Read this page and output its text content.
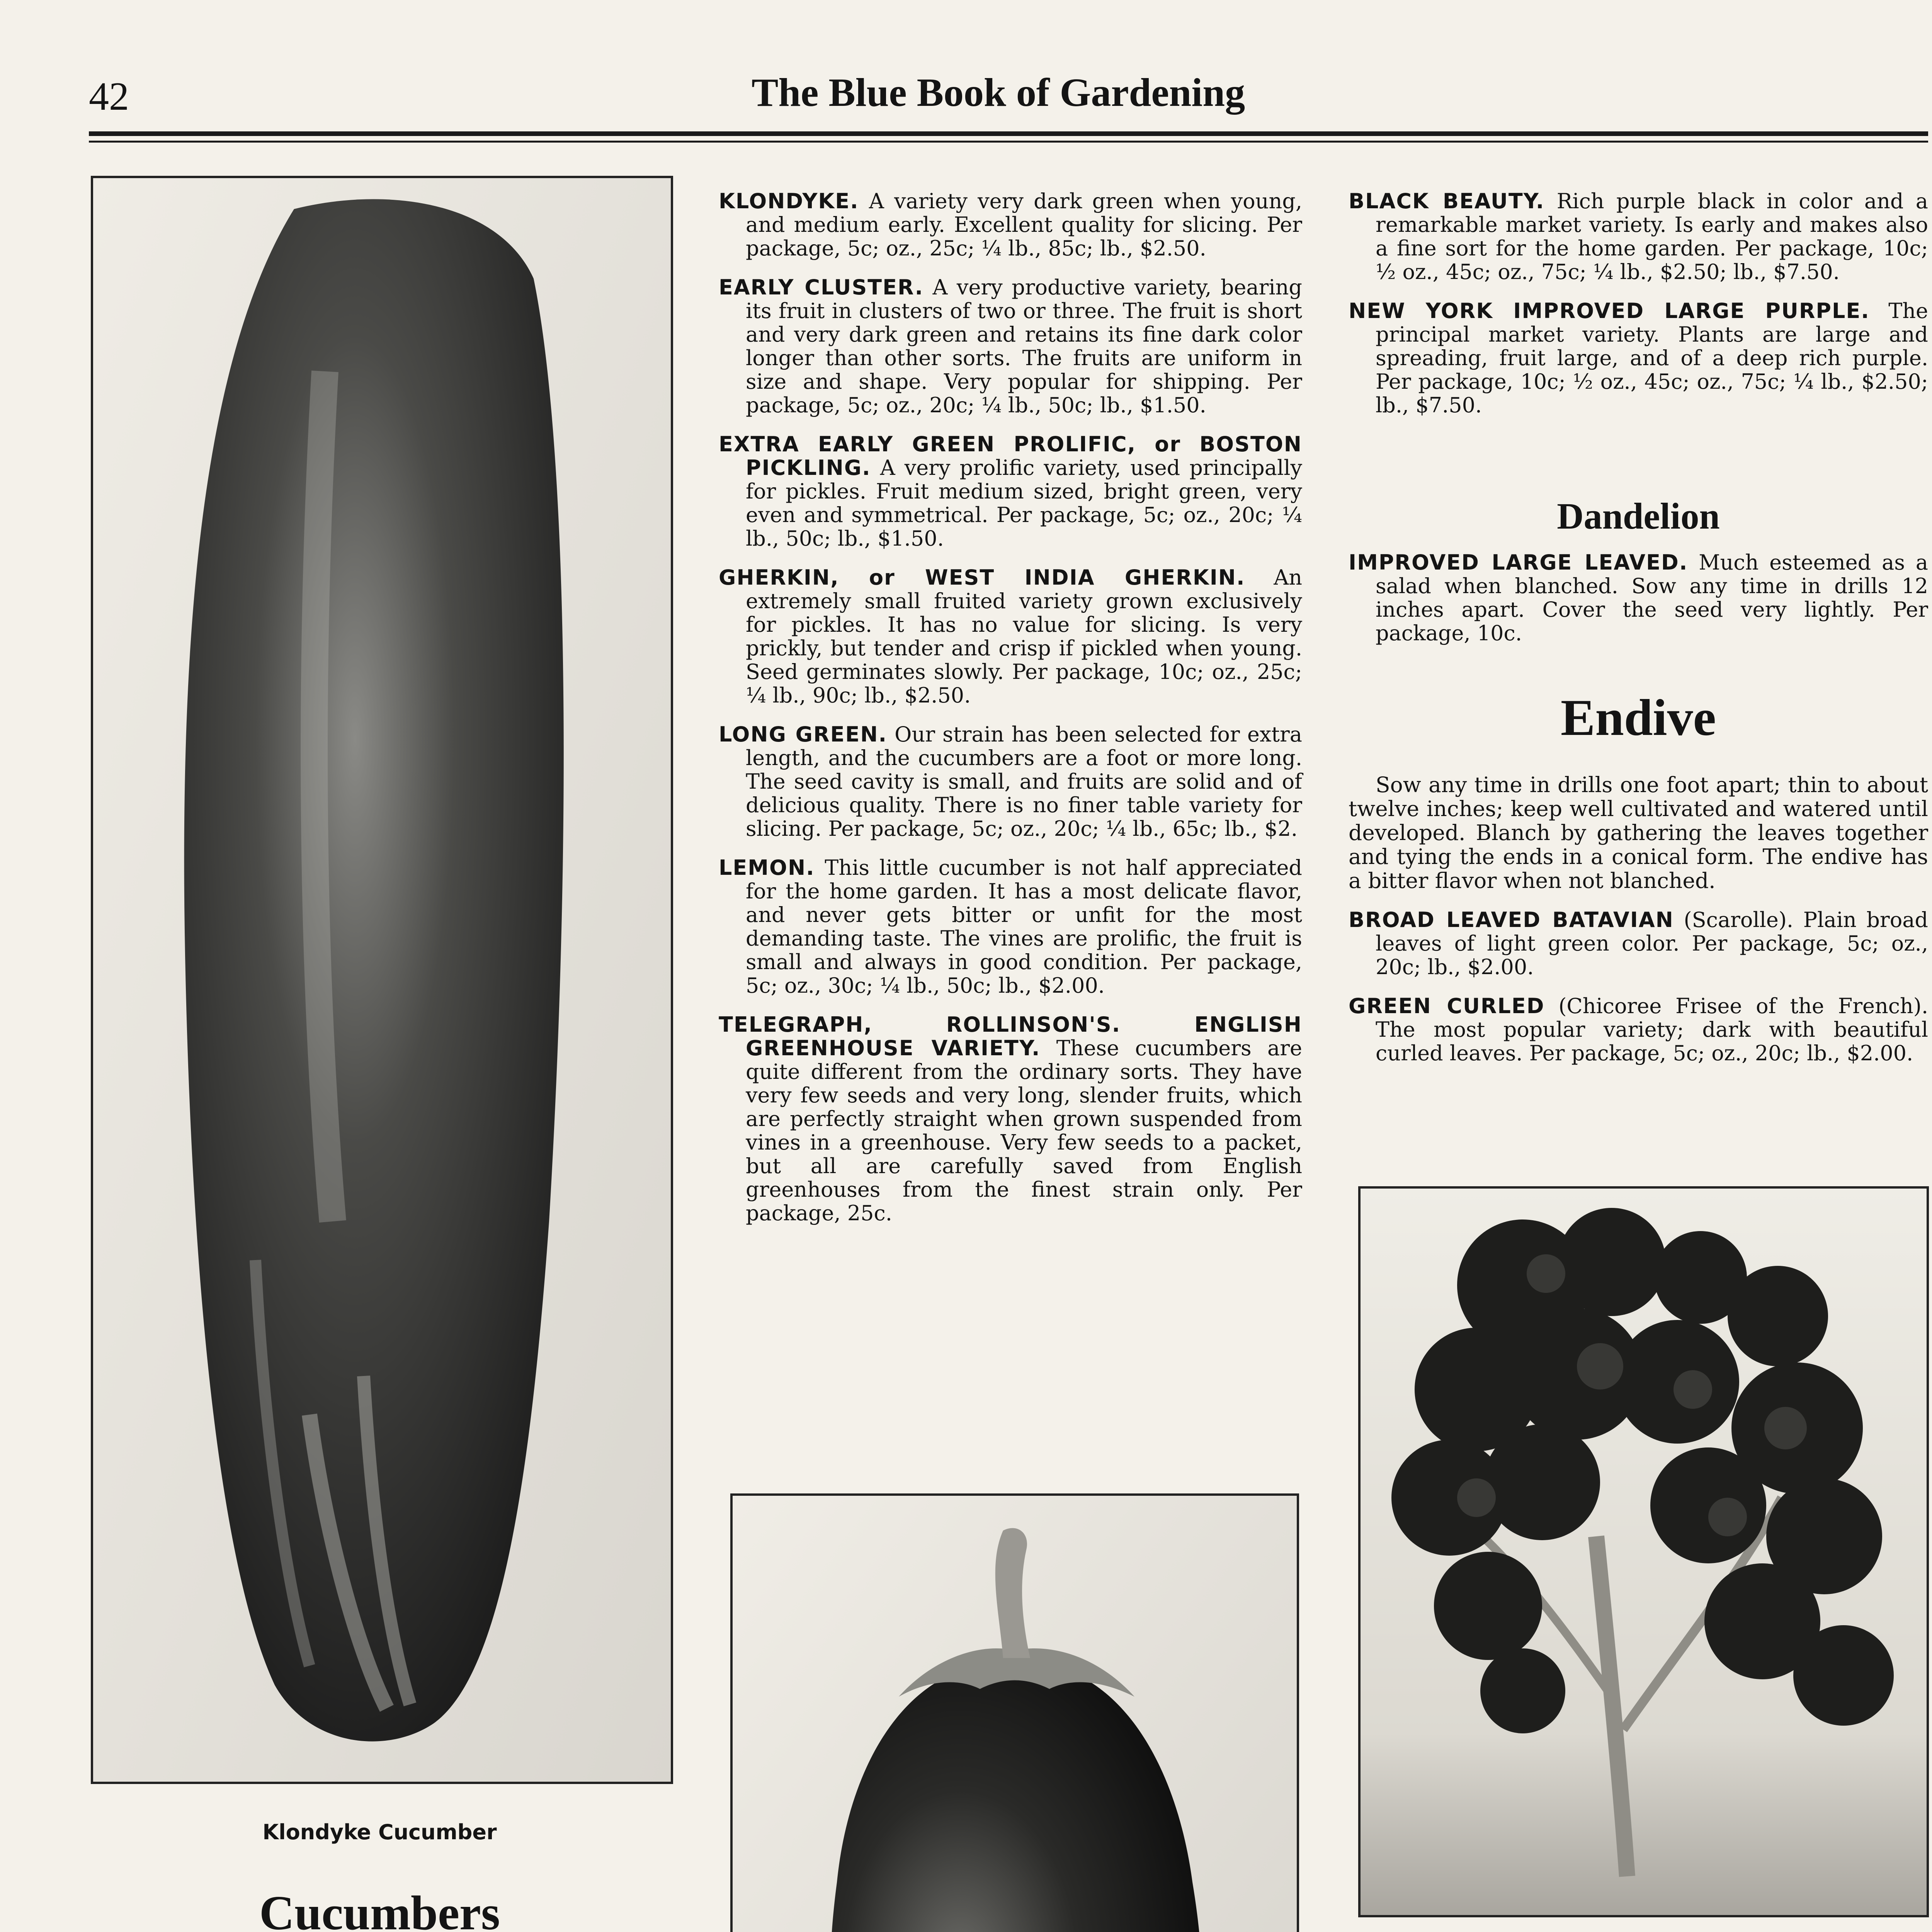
42	The Blue Book of Gardening
Klondyke Cucumber
Cucumbers

KLONDYKE. A variety very dark green when young, and medium early. Excellent quality for slicing. Per package, 5c; oz., 25c; ¼ lb., 85c; lb., $2.50.

EARLY CLUSTER. A very productive variety, bearing its fruit in clusters of two or three. The fruit is short and very dark green and retains its fine dark color longer than other sorts. The fruits are uniform in size and shape. Very popular for shipping. Per package, 5c; oz., 20c; ¼ lb., 50c; lb., $1.50.

EXTRA EARLY GREEN PROLIFIC, or BOSTON PICKLING. A very prolific variety, used principally for pickles. Fruit medium sized, bright green, very even and symmetrical. Per package, 5c; oz., 20c; ¼ lb., 50c; lb., $1.50.

GHERKIN, or WEST INDIA GHERKIN. An extremely small fruited variety grown exclusively for pickles. It has no value for slicing. Is very prickly, but tender and crisp if pickled when young. Seed germinates slowly. Per package, 10c; oz., 25c; ¼ lb., 90c; lb., $2.50.

LONG GREEN. Our strain has been selected for extra length, and the cucumbers are a foot or more long. The seed cavity is small, and fruits are solid and of delicious quality. There is no finer table variety for slicing. Per package, 5c; oz., 20c; ¼ lb., 65c; lb., $2.

LEMON. This little cucumber is not half appreciated for the home garden. It has a most delicate flavor, and never gets bitter or unfit for the most demanding taste. The vines are prolific, the fruit is small and always in good condition. Per package, 5c; oz., 30c; ¼ lb., 50c; lb., $2.00.

TELEGRAPH, ROLLINSON'S. ENGLISH GREENHOUSE VARIETY. These cucumbers are quite different from the ordinary sorts. They have very few seeds and very long, slender fruits, which are perfectly straight when grown suspended from vines in a greenhouse. Very few seeds to a packet, but all are carefully saved from English greenhouses from the finest strain only. Per package, 25c.

BLACK BEAUTY. Rich purple black in color and a remarkable market variety. Is early and makes also a fine sort for the home garden. Per package, 10c; ½ oz., 45c; oz., 75c; ¼ lb., $2.50; lb., $7.50.

NEW YORK IMPROVED LARGE PURPLE. The principal market variety. Plants are large and spreading, fruit large, and of a deep rich purple. Per package, 10c; ½ oz., 45c; oz., 75c; ¼ lb., $2.50; lb., $7.50.

Dandelion

IMPROVED LARGE LEAVED. Much esteemed as a salad when blanched. Sow any time in drills 12 inches apart. Cover the seed very lightly. Per package, 10c.

Endive

Sow any time in drills one foot apart; thin to about twelve inches; keep well cultivated and watered until developed. Blanch by gathering the leaves together and tying the ends in a conical form. The endive has a bitter flavor when not blanched.

BROAD LEAVED BATAVIAN (Scarolle). Plain broad leaves of light green color. Per package, 5c; oz., 20c; lb., $2.00.

GREEN CURLED (Chicoree Frisee of the French). The most popular variety; dark with beautiful curled leaves. Per package, 5c; oz., 20c; lb., $2.00.
